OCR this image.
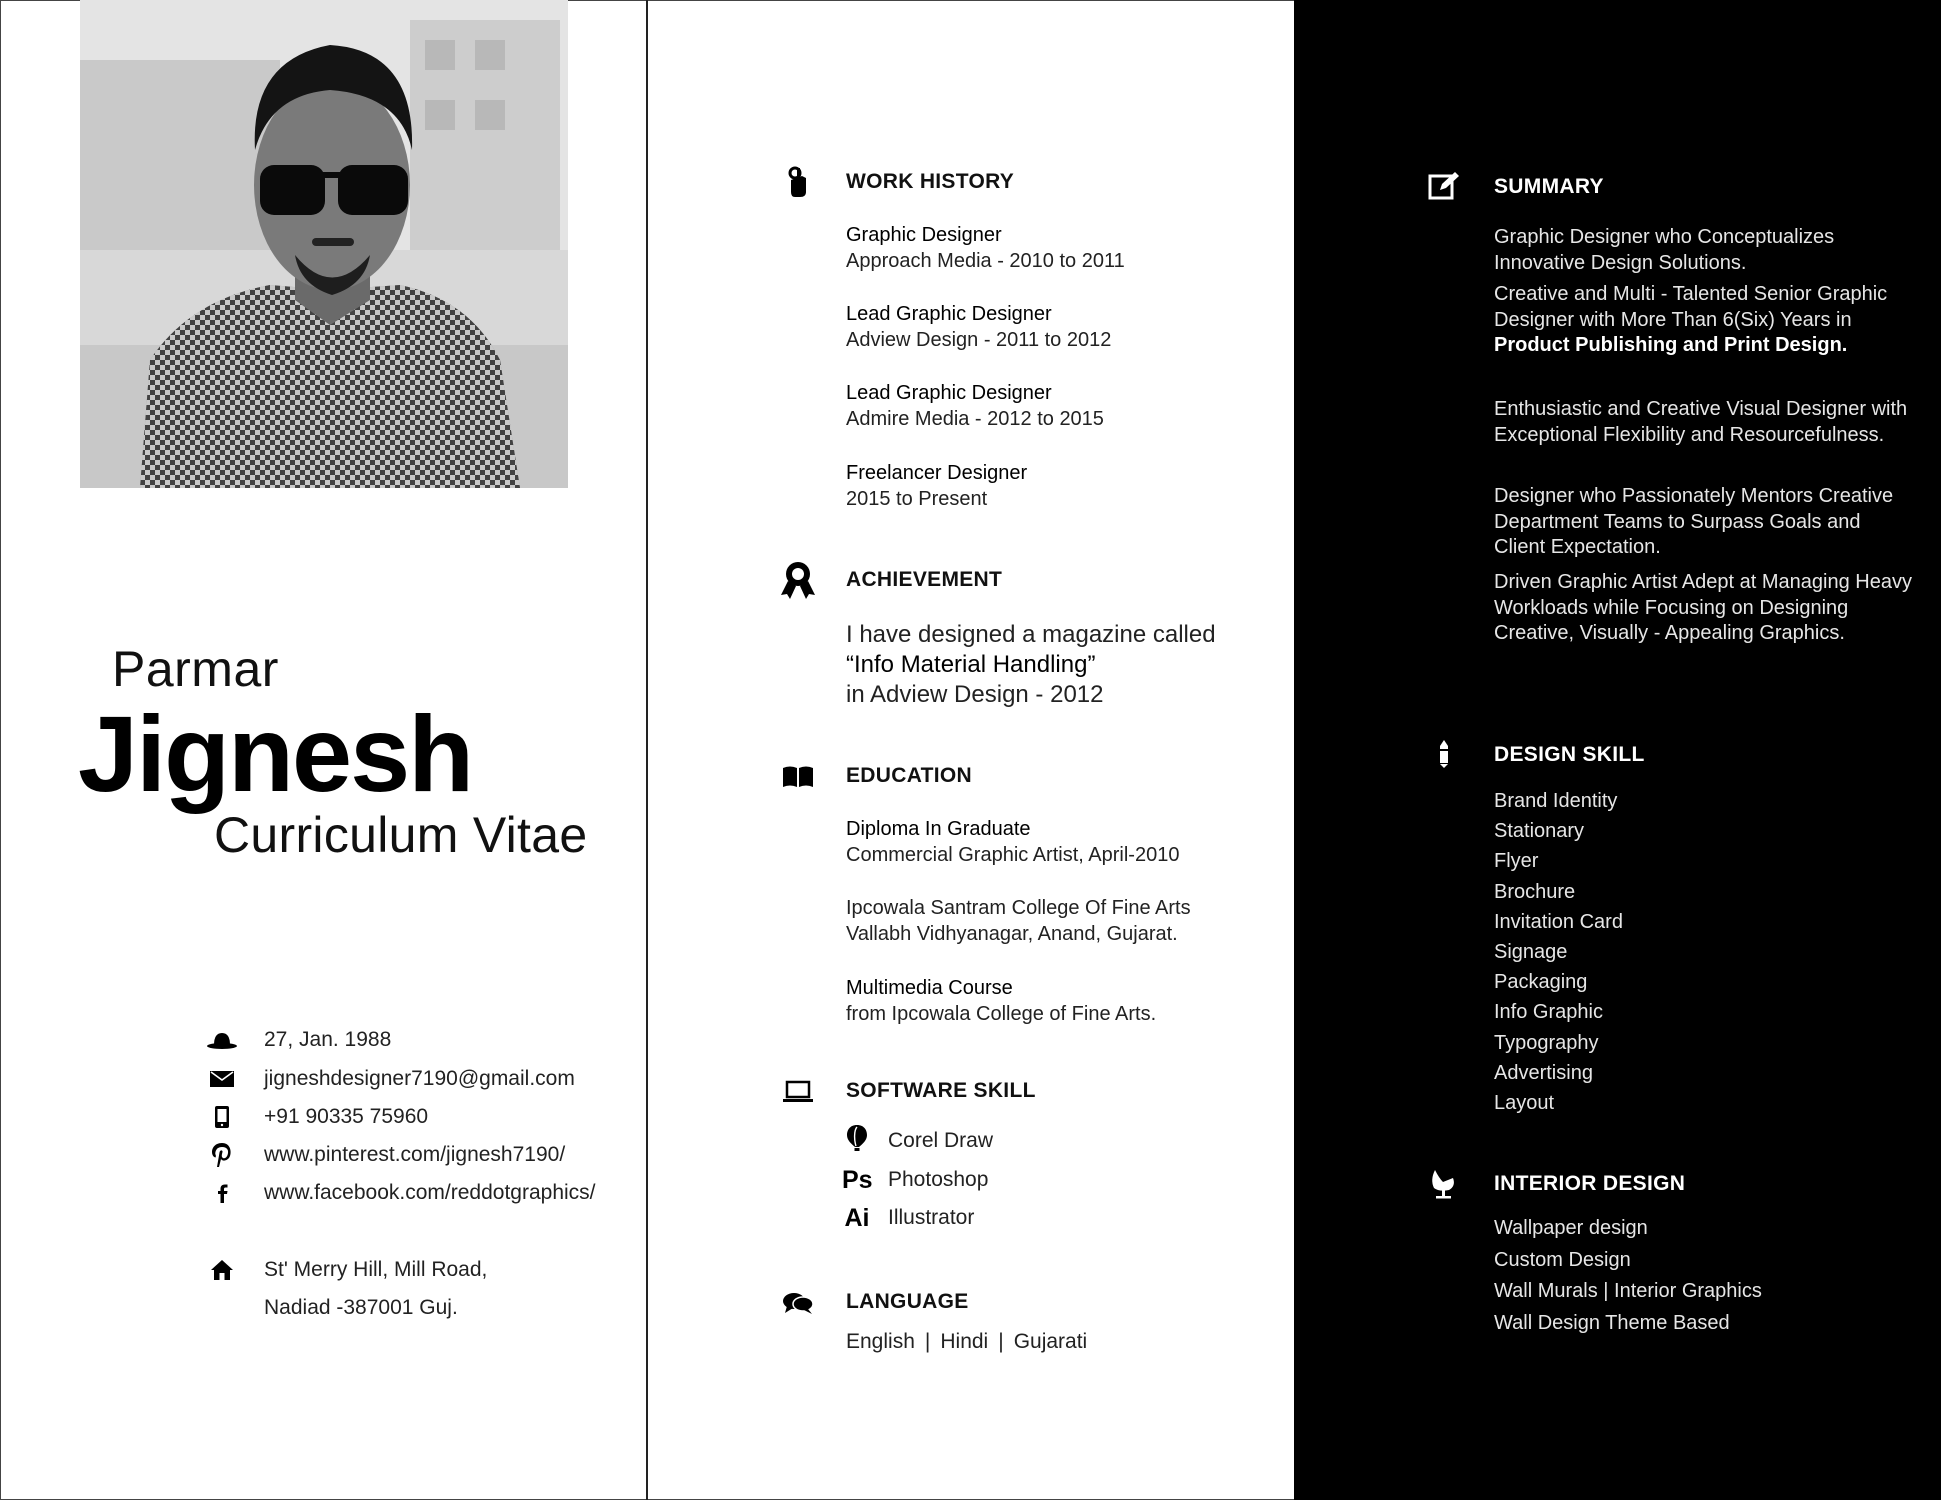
Parmar
Jignesh
Curriculum Vitae
27, Jan. 1988
jigneshdesigner7190@gmail.com
+91 90335 75960
www.pinterest.com/jignesh7190/
www.facebook.com/reddotgraphics/
St' Merry Hill, Mill Road,
Nadiad -387001 Guj.
WORK HISTORY
Graphic Designer
Approach Media - 2010 to 2011
Lead Graphic Designer
Adview Design - 2011 to 2012
Lead Graphic Designer
Admire Media - 2012 to 2015
Freelancer Designer
2015 to Present
ACHIEVEMENT
I have designed a magazine called
“Info Material Handling”
in Adview Design - 2012
EDUCATION
Diploma In Graduate
Commercial Graphic Artist, April-2010
Ipcowala Santram College Of Fine Arts
Vallabh Vidhyanagar, Anand, Gujarat.
Multimedia Course
from Ipcowala College of Fine Arts.
SOFTWARE SKILL
Corel Draw
Ps Photoshop
Ai Illustrator
LANGUAGE
English | Hindi | Gujarati
SUMMARY
Graphic Designer who Conceptualizes Innovative Design Solutions.
Creative and Multi - Talented Senior Graphic Designer with More Than 6(Six) Years in Product Publishing and Print Design.
Enthusiastic and Creative Visual Designer with Exceptional Flexibility and Resourcefulness.
Designer who Passionately Mentors Creative Department Teams to Surpass Goals and Client Expectation.
Driven Graphic Artist Adept at Managing Heavy Workloads while Focusing on Designing Creative, Visually - Appealing Graphics.
DESIGN SKILL
Brand Identity
Stationary
Flyer
Brochure
Invitation Card
Signage
Packaging
Info Graphic
Typography
Advertising
Layout
INTERIOR DESIGN
Wallpaper design
Custom Design
Wall Murals | Interior Graphics
Wall Design Theme Based
